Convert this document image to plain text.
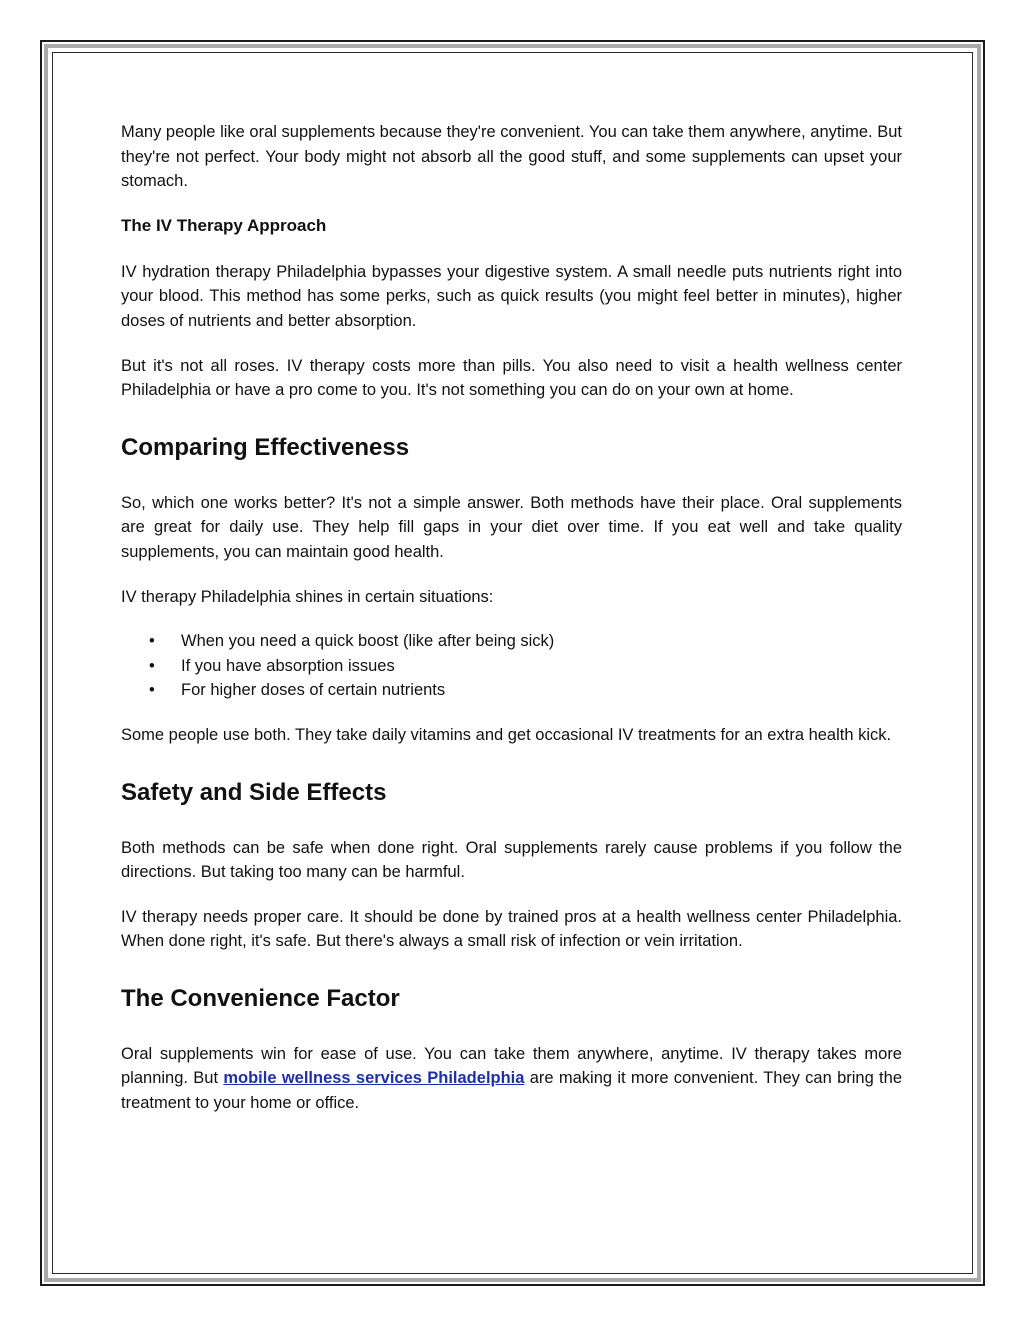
Many people like oral supplements because they're convenient. You can take them anywhere, anytime. But they're not perfect. Your body might not absorb all the good stuff, and some supplements can upset your stomach.

The IV Therapy Approach

IV hydration therapy Philadelphia bypasses your digestive system. A small needle puts nutrients right into your blood. This method has some perks, such as quick results (you might feel better in minutes), higher doses of nutrients and better absorption.

But it's not all roses. IV therapy costs more than pills. You also need to visit a health wellness center Philadelphia or have a pro come to you. It's not something you can do on your own at home.

Comparing Effectiveness

So, which one works better? It's not a simple answer. Both methods have their place. Oral supplements are great for daily use. They help fill gaps in your diet over time. If you eat well and take quality supplements, you can maintain good health.

IV therapy Philadelphia shines in certain situations:

• When you need a quick boost (like after being sick)
• If you have absorption issues
• For higher doses of certain nutrients

Some people use both. They take daily vitamins and get occasional IV treatments for an extra health kick.

Safety and Side Effects

Both methods can be safe when done right. Oral supplements rarely cause problems if you follow the directions. But taking too many can be harmful.

IV therapy needs proper care. It should be done by trained pros at a health wellness center Philadelphia. When done right, it's safe. But there's always a small risk of infection or vein irritation.

The Convenience Factor

Oral supplements win for ease of use. You can take them anywhere, anytime. IV therapy takes more planning. But mobile wellness services Philadelphia are making it more convenient. They can bring the treatment to your home or office.
